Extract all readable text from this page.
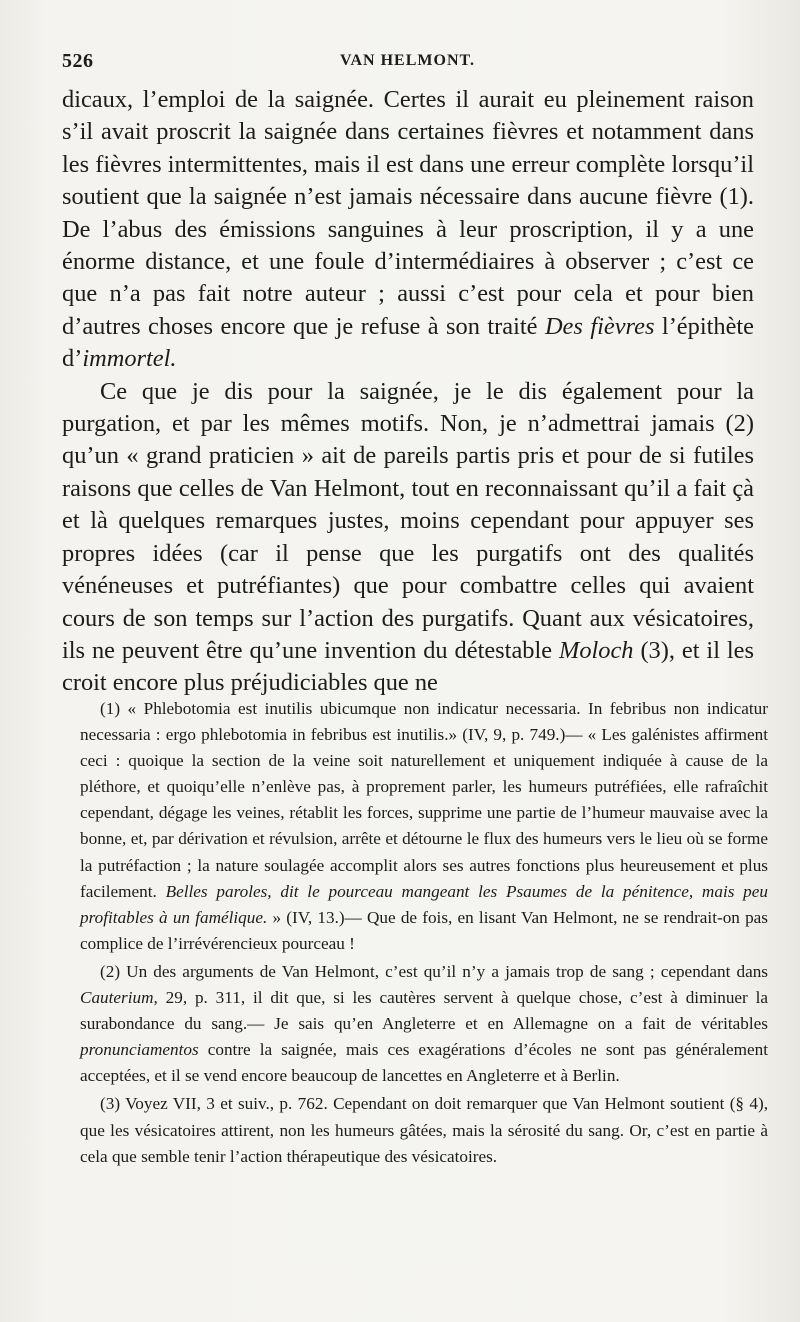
526	VAN HELMONT.

dicaux, l’emploi de la saignée. Certes il aurait eu pleinement raison s’il avait proscrit la saignée dans certaines fièvres et notamment dans les fièvres intermittentes, mais il est dans une erreur complète lorsqu’il soutient que la saignée n’est jamais nécessaire dans aucune fièvre (1). De l’abus des émissions sanguines à leur proscription, il y a une énorme distance, et une foule d’intermédiaires à observer ; c’est ce que n’a pas fait notre auteur ; aussi c’est pour cela et pour bien d’autres choses encore que je refuse à son traité Des fièvres l’épithète d’immortel.

Ce que je dis pour la saignée, je le dis également pour la purgation, et par les mêmes motifs. Non, je n’admettrai jamais (2) qu’un « grand praticien » ait de pareils partis pris et pour de si futiles raisons que celles de Van Helmont, tout en reconnaissant qu’il a fait çà et là quelques remarques justes, moins cependant pour appuyer ses propres idées (car il pense que les purgatifs ont des qualités vénéneuses et putréfiantes) que pour combattre celles qui avaient cours de son temps sur l’action des purgatifs. Quant aux vésicatoires, ils ne peuvent être qu’une invention du détestable Moloch (3), et il les croit encore plus préjudiciables que ne

(1) « Phlebotomia est inutilis ubicumque non indicatur necessaria. In febribus non indicatur necessaria : ergo phlebotomia in febribus est inutilis.» (IV, 9, p. 749.)— « Les galénistes affirment ceci : quoique la section de la veine soit naturellement et uniquement indiquée à cause de la pléthore, et quoiqu’elle n’enlève pas, à proprement parler, les humeurs putréfiées, elle rafraîchit cependant, dégage les veines, rétablit les forces, supprime une partie de l’humeur mauvaise avec la bonne, et, par dérivation et révulsion, arrête et détourne le flux des humeurs vers le lieu où se forme la putréfaction ; la nature soulagée accomplit alors ses autres fonctions plus heureusement et plus facilement. Belles paroles, dit le pourceau mangeant les Psaumes de la pénitence, mais peu profitables à un famélique. » (IV, 13.)— Que de fois, en lisant Van Helmont, ne se rendrait-on pas complice de l’irrévérencieux pourceau !

(2) Un des arguments de Van Helmont, c’est qu’il n’y a jamais trop de sang ; cependant dans Cauterium, 29, p. 311, il dit que, si les cautères servent à quelque chose, c’est à diminuer la surabondance du sang.— Je sais qu’en Angleterre et en Allemagne on a fait de véritables pronunciamentos contre la saignée, mais ces exagérations d’écoles ne sont pas généralement acceptées, et il se vend encore beaucoup de lancettes en Angleterre et à Berlin.

(3) Voyez VII, 3 et suiv., p. 762. Cependant on doit remarquer que Van Helmont soutient (§ 4), que les vésicatoires attirent, non les humeurs gâtées, mais la sérosité du sang. Or, c’est en partie à cela que semble tenir l’action thérapeutique des vésicatoires.
